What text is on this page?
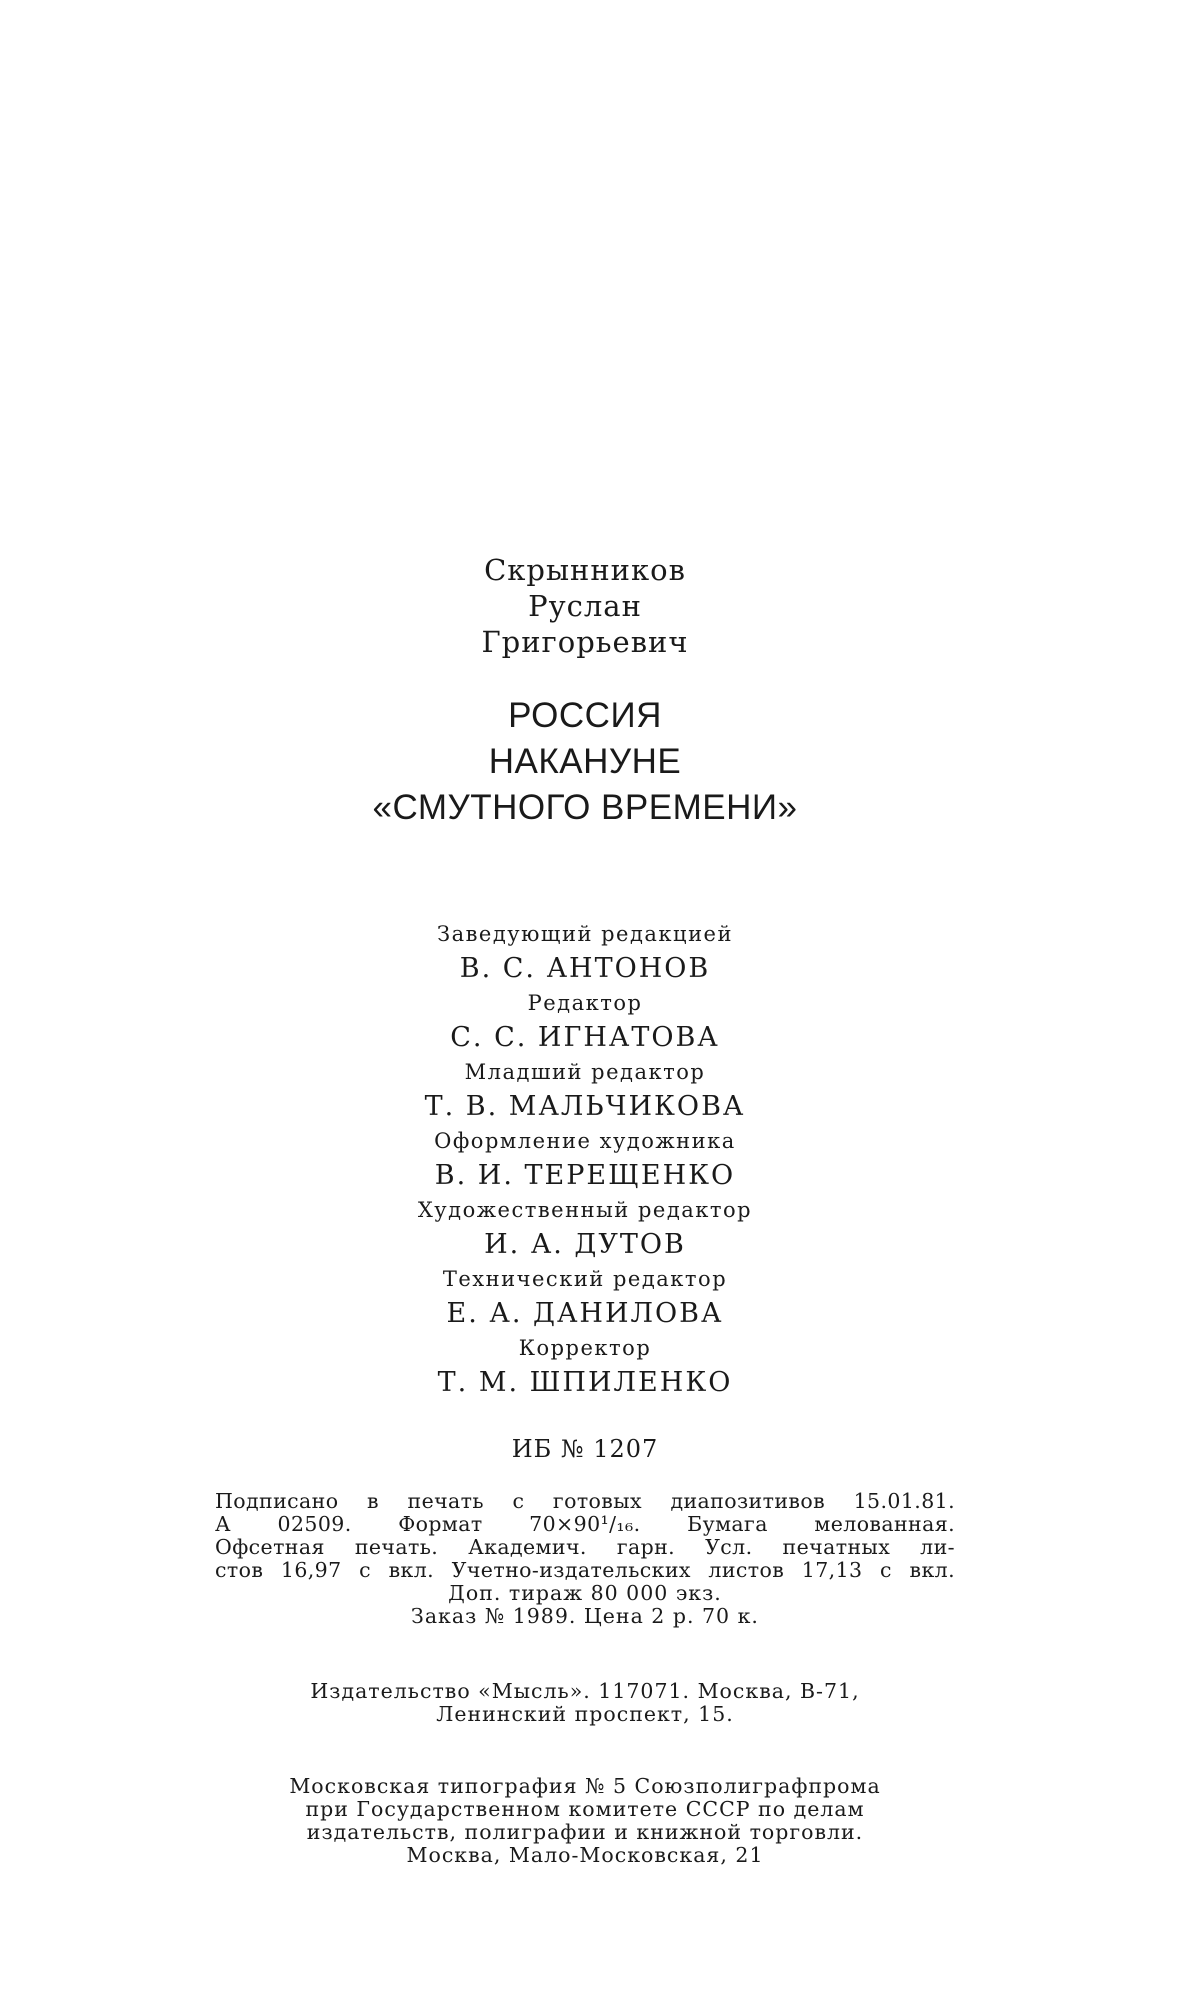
Скрынников
Руслан
Григорьевич
РОССИЯ
НАКАНУНЕ
«СМУТНОГО ВРЕМЕНИ»
Заведующий редакцией
В. С. АНТОНОВ
Редактор
С. С. ИГНАТОВА
Младший редактор
Т. В. МАЛЬЧИКОВА
Оформление художника
В. И. ТЕРЕЩЕНКО
Художественный редактор
И. А. ДУТОВ
Технический редактор
Е. А. ДАНИЛОВА
Корректор
Т. М. ШПИЛЕНКО
ИБ № 1207
Подписано в печать с готовых диапозитивов 15.01.81.
А 02509. Формат 70×90¹/₁₆. Бумага мелованная.
Офсетная печать. Академич. гарн. Усл. печатных ли-
стов 16,97 с вкл. Учетно-издательских листов 17,13 с вкл.
Доп. тираж 80 000 экз.
Заказ № 1989. Цена 2 р. 70 к.
Издательство «Мысль». 117071. Москва, В-71,
Ленинский проспект, 15.
Московская типография № 5 Союзполиграфпрома
при Государственном комитете СССР по делам
издательств, полиграфии и книжной торговли.
Москва, Мало-Московская, 21
